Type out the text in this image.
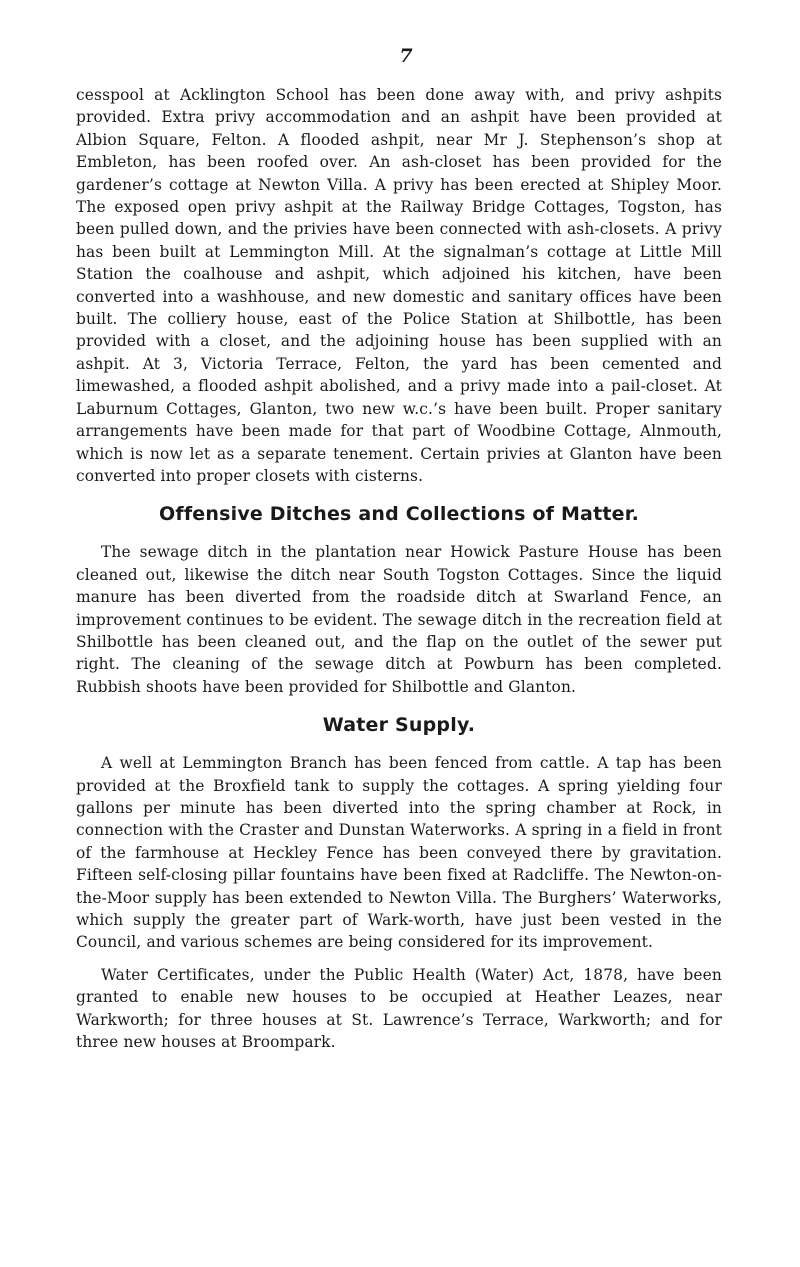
7

cesspool at Acklington School has been done away with, and privy ashpits provided. Extra privy accommodation and an ashpit have been provided at Albion Square, Felton. A flooded ashpit, near Mr J. Stephenson’s shop at Embleton, has been roofed over. An ash-closet has been provided for the gardener’s cottage at Newton Villa. A privy has been erected at Shipley Moor. The exposed open privy ashpit at the Railway Bridge Cottages, Togston, has been pulled down, and the privies have been connected with ash-closets. A privy has been built at Lemmington Mill. At the signalman’s cottage at Little Mill Station the coalhouse and ashpit, which adjoined his kitchen, have been converted into a washhouse, and new domestic and sanitary offices have been built. The colliery house, east of the Police Station at Shilbottle, has been provided with a closet, and the adjoining house has been supplied with an ashpit. At 3, Victoria Terrace, Felton, the yard has been cemented and limewashed, a flooded ashpit abolished, and a privy made into a pail-closet. At Laburnum Cottages, Glanton, two new w.c.’s have been built. Proper sanitary arrangements have been made for that part of Woodbine Cottage, Alnmouth, which is now let as a separate tenement. Certain privies at Glanton have been converted into proper closets with cisterns.

Offensive Ditches and Collections of Matter.

The sewage ditch in the plantation near Howick Pasture House has been cleaned out, likewise the ditch near South Togston Cottages. Since the liquid manure has been diverted from the roadside ditch at Swarland Fence, an improvement continues to be evident. The sewage ditch in the recreation field at Shilbottle has been cleaned out, and the flap on the outlet of the sewer put right. The cleaning of the sewage ditch at Powburn has been completed. Rubbish shoots have been provided for Shilbottle and Glanton.

Water Supply.

A well at Lemmington Branch has been fenced from cattle. A tap has been provided at the Broxfield tank to supply the cottages. A spring yielding four gallons per minute has been diverted into the spring chamber at Rock, in connection with the Craster and Dunstan Waterworks. A spring in a field in front of the farmhouse at Heckley Fence has been conveyed there by gravitation. Fifteen self-closing pillar fountains have been fixed at Radcliffe. The Newton-on-the-Moor supply has been extended to Newton Villa. The Burghers’ Waterworks, which supply the greater part of Wark-worth, have just been vested in the Council, and various schemes are being considered for its improvement.

Water Certificates, under the Public Health (Water) Act, 1878, have been granted to enable new houses to be occupied at Heather Leazes, near Warkworth; for three houses at St. Lawrence’s Terrace, Warkworth; and for three new houses at Broompark.
